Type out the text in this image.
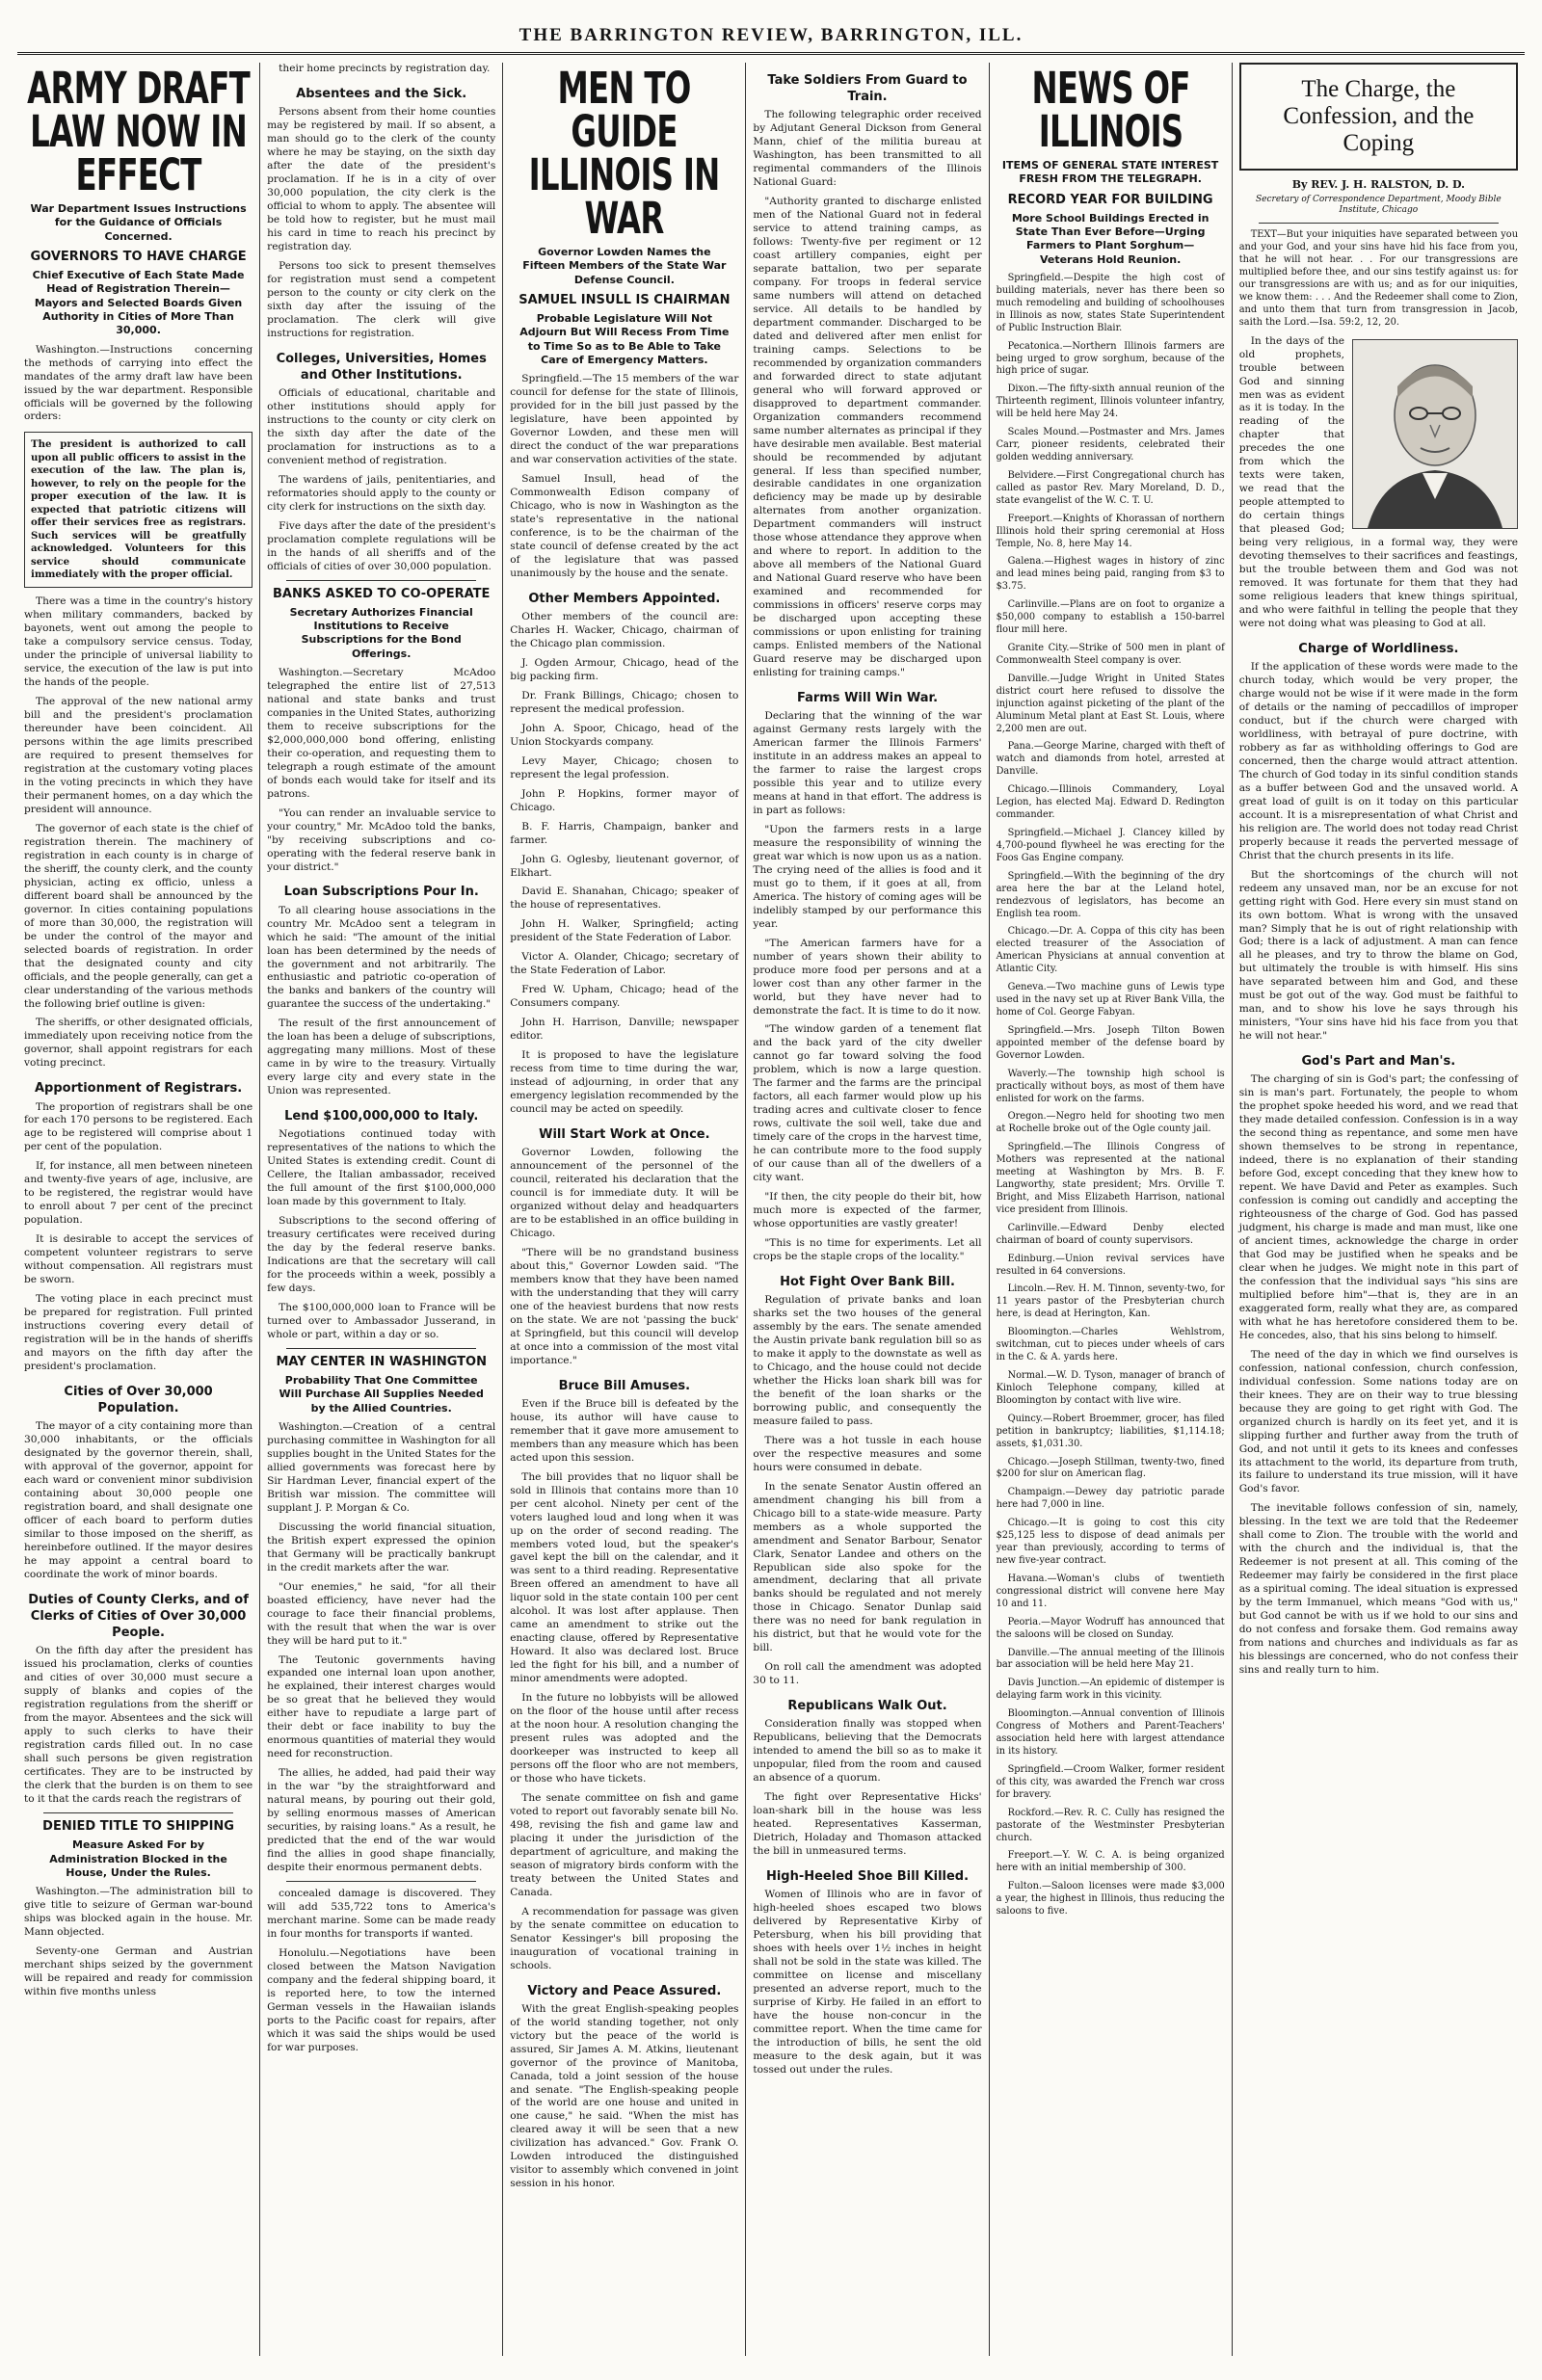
THE BARRINGTON REVIEW, BARRINGTON, ILL.
ARMY DRAFT LAW NOW IN EFFECT
War Department Issues Instructions for the Guidance of Officials Concerned.
GOVERNORS TO HAVE CHARGE
Chief Executive of Each State Made Head of Registration Therein—Mayors and Selected Boards Given Authority in Cities of More Than 30,000.

Washington.—Instructions concerning the methods of carrying into effect the mandates of the army draft law have been issued by the war department. Responsible officials will be governed by the following orders:

The president is authorized to call upon all public officers to assist in the execution of the law. The plan is, however, to rely on the people for the proper execution of the law. It is expected that patriotic citizens will offer their services free as registrars. Such services will be greatfully acknowledged. Volunteers for this service should communicate immediately with the proper official.

There was a time in the country's history when military commanders, backed by bayonets, went out among the people to take a compulsory service census. Today, under the principle of universal liability to service, the execution of the law is put into the hands of the people.

The approval of the new national army bill and the president's proclamation thereunder have been coincident. All persons within the age limits prescribed are required to present themselves for registration at the customary voting places in the voting precincts in which they have their permanent homes, on a day which the president will announce.

The governor of each state is the chief of registration therein. The machinery of registration in each county is in charge of the sheriff, the county clerk, and the county physician, acting ex officio, unless a different board shall be announced by the governor. In cities containing populations of more than 30,000, the registration will be under the control of the mayor and selected boards of registration. In order that the designated county and city officials, and the people generally, can get a clear understanding of the various methods the following brief outline is given:

The sheriffs, or other designated officials, immediately upon receiving notice from the governor, shall appoint registrars for each voting precinct.

Apportionment of Registrars.

The proportion of registrars shall be one for each 170 persons to be registered. Each age to be registered will comprise about 1 per cent of the population.

If, for instance, all men between nineteen and twenty-five years of age, inclusive, are to be registered, the registrar would have to enroll about 7 per cent of the precinct population.

It is desirable to accept the services of competent volunteer registrars to serve without compensation. All registrars must be sworn.

The voting place in each precinct must be prepared for registration. Full printed instructions covering every detail of registration will be in the hands of sheriffs and mayors on the fifth day after the president's proclamation.

Cities of Over 30,000 Population.

The mayor of a city containing more than 30,000 inhabitants, or the officials designated by the governor therein, shall, with approval of the governor, appoint for each ward or convenient minor subdivision containing about 30,000 people one registration board, and shall designate one officer of each board to perform duties similar to those imposed on the sheriff, as hereinbefore outlined. If the mayor desires he may appoint a central board to coordinate the work of minor boards.

Duties of County Clerks, and of Clerks of Cities of Over 30,000 People.

On the fifth day after the president has issued his proclamation, clerks of counties and cities of over 30,000 must secure a supply of blanks and copies of the registration regulations from the sheriff or from the mayor. Absentees and the sick will apply to such clerks to have their registration cards filled out. In no case shall such persons be given registration certificates. They are to be instructed by the clerk that the burden is on them to see to it that the cards reach the registrars of

DENIED TITLE TO SHIPPING
Measure Asked For by Administration Blocked in the House, Under the Rules.

Washington.—The administration bill to give title to seizure of German war-bound ships was blocked again in the house. Mr. Mann objected.

Seventy-one German and Austrian merchant ships seized by the government will be repaired and ready for commission within five months unless

their home precincts by registration day.

Absentees and the Sick.

Persons absent from their home counties may be registered by mail. If so absent, a man should go to the clerk of the county where he may be staying, on the sixth day after the date of the president's proclamation. If he is in a city of over 30,000 population, the city clerk is the official to whom to apply. The absentee will be told how to register, but he must mail his card in time to reach his precinct by registration day.

Persons too sick to present themselves for registration must send a competent person to the county or city clerk on the sixth day after the issuing of the proclamation. The clerk will give instructions for registration.

Colleges, Universities, Homes and Other Institutions.

Officials of educational, charitable and other institutions should apply for instructions to the county or city clerk on the sixth day after the date of the proclamation for instructions as to a convenient method of registration.

The wardens of jails, penitentiaries, and reformatories should apply to the county or city clerk for instructions on the sixth day.

Five days after the date of the president's proclamation complete regulations will be in the hands of all sheriffs and of the officials of cities of over 30,000 population.

BANKS ASKED TO CO-OPERATE
Secretary Authorizes Financial Institutions to Receive Subscriptions for the Bond Offerings.

Washington.—Secretary McAdoo telegraphed the entire list of 27,513 national and state banks and trust companies in the United States, authorizing them to receive subscriptions for the $2,000,000,000 bond offering, enlisting their co-operation, and requesting them to telegraph a rough estimate of the amount of bonds each would take for itself and its patrons.

"You can render an invaluable service to your country," Mr. McAdoo told the banks, "by receiving subscriptions and co-operating with the federal reserve bank in your district."

Loan Subscriptions Pour In.

To all clearing house associations in the country Mr. McAdoo sent a telegram in which he said: "The amount of the initial loan has been determined by the needs of the government and not arbitrarily. The enthusiastic and patriotic co-operation of the banks and bankers of the country will guarantee the success of the undertaking."

The result of the first announcement of the loan has been a deluge of subscriptions, aggregating many millions. Most of these came in by wire to the treasury. Virtually every large city and every state in the Union was represented.

Lend $100,000,000 to Italy.

Negotiations continued today with representatives of the nations to which the United States is extending credit. Count di Cellere, the Italian ambassador, received the full amount of the first $100,000,000 loan made by this government to Italy.

Subscriptions to the second offering of treasury certificates were received during the day by the federal reserve banks. Indications are that the secretary will call for the proceeds within a week, possibly a few days.

The $100,000,000 loan to France will be turned over to Ambassador Jusserand, in whole or part, within a day or so.

MAY CENTER IN WASHINGTON
Probability That One Committee Will Purchase All Supplies Needed by the Allied Countries.

Washington.—Creation of a central purchasing committee in Washington for all supplies bought in the United States for the allied governments was forecast here by Sir Hardman Lever, financial expert of the British war mission. The committee will supplant J. P. Morgan & Co.

Discussing the world financial situation, the British expert expressed the opinion that Germany will be practically bankrupt in the credit markets after the war.

"Our enemies," he said, "for all their boasted efficiency, have never had the courage to face their financial problems, with the result that when the war is over they will be hard put to it."

The Teutonic governments having expanded one internal loan upon another, he explained, their interest charges would be so great that he believed they would either have to repudiate a large part of their debt or face inability to buy the enormous quantities of material they would need for reconstruction.

The allies, he added, had paid their way in the war "by the straightforward and natural means, by pouring out their gold, by selling enormous masses of American securities, by raising loans." As a result, he predicted that the end of the war would find the allies in good shape financially, despite their enormous permanent debts.

concealed damage is discovered. They will add 535,722 tons to America's merchant marine. Some can be made ready in four months for transports if wanted.

Honolulu.—Negotiations have been closed between the Matson Navigation company and the federal shipping board, it is reported here, to tow the interned German vessels in the Hawaiian islands ports to the Pacific coast for repairs, after which it was said the ships would be used for war purposes.

MEN TO GUIDE ILLINOIS IN WAR
Governor Lowden Names the Fifteen Members of the State War Defense Council.
SAMUEL INSULL IS CHAIRMAN
Probable Legislature Will Not Adjourn But Will Recess From Time to Time So as to Be Able to Take Care of Emergency Matters.

Springfield.—The 15 members of the war council for defense for the state of Illinois, provided for in the bill just passed by the legislature, have been appointed by Governor Lowden, and these men will direct the conduct of the war preparations and war conservation activities of the state.

Samuel Insull, head of the Commonwealth Edison company of Chicago, who is now in Washington as the state's representative in the national conference, is to be the chairman of the state council of defense created by the act of the legislature that was passed unanimously by the house and the senate.

Other Members Appointed.

Other members of the council are: Charles H. Wacker, Chicago, chairman of the Chicago plan commission.

J. Ogden Armour, Chicago, head of the big packing firm.

Dr. Frank Billings, Chicago; chosen to represent the medical profession.

John A. Spoor, Chicago, head of the Union Stockyards company.

Levy Mayer, Chicago; chosen to represent the legal profession.

John P. Hopkins, former mayor of Chicago.

B. F. Harris, Champaign, banker and farmer.

John G. Oglesby, lieutenant governor, of Elkhart.

David E. Shanahan, Chicago; speaker of the house of representatives.

John H. Walker, Springfield; acting president of the State Federation of Labor.

Victor A. Olander, Chicago; secretary of the State Federation of Labor.

Fred W. Upham, Chicago; head of the Consumers company.

John H. Harrison, Danville; newspaper editor.

It is proposed to have the legislature recess from time to time during the war, instead of adjourning, in order that any emergency legislation recommended by the council may be acted on speedily.

Will Start Work at Once.

Governor Lowden, following the announcement of the personnel of the council, reiterated his declaration that the council is for immediate duty. It will be organized without delay and headquarters are to be established in an office building in Chicago.

"There will be no grandstand business about this," Governor Lowden said. "The members know that they have been named with the understanding that they will carry one of the heaviest burdens that now rests on the state. We are not 'passing the buck' at Springfield, but this council will develop at once into a commission of the most vital importance."

Bruce Bill Amuses.

Even if the Bruce bill is defeated by the house, its author will have cause to remember that it gave more amusement to members than any measure which has been acted upon this session.

The bill provides that no liquor shall be sold in Illinois that contains more than 10 per cent alcohol. Ninety per cent of the voters laughed loud and long when it was up on the order of second reading. The members voted loud, but the speaker's gavel kept the bill on the calendar, and it was sent to a third reading. Representative Breen offered an amendment to have all liquor sold in the state contain 100 per cent alcohol. It was lost after applause. Then came an amendment to strike out the enacting clause, offered by Representative Howard. It also was declared lost. Bruce led the fight for his bill, and a number of minor amendments were adopted.

In the future no lobbyists will be allowed on the floor of the house until after recess at the noon hour. A resolution changing the present rules was adopted and the doorkeeper was instructed to keep all persons off the floor who are not members, or those who have tickets.

The senate committee on fish and game voted to report out favorably senate bill No. 498, revising the fish and game law and placing it under the jurisdiction of the department of agriculture, and making the season of migratory birds conform with the treaty between the United States and Canada.

A recommendation for passage was given by the senate committee on education to Senator Kessinger's bill proposing the inauguration of vocational training in schools.

Victory and Peace Assured.

With the great English-speaking peoples of the world standing together, not only victory but the peace of the world is assured, Sir James A. M. Atkins, lieutenant governor of the province of Manitoba, Canada, told a joint session of the house and senate. "The English-speaking people of the world are one house and united in one cause," he said. "When the mist has cleared away it will be seen that a new civilization has advanced." Gov. Frank O. Lowden introduced the distinguished visitor to assembly which convened in joint session in his honor.

Take Soldiers From Guard to Train.

The following telegraphic order received by Adjutant General Dickson from General Mann, chief of the militia bureau at Washington, has been transmitted to all regimental commanders of the Illinois National Guard:

"Authority granted to discharge enlisted men of the National Guard not in federal service to attend training camps, as follows: Twenty-five per regiment or 12 coast artillery companies, eight per separate battalion, two per separate company. For troops in federal service same numbers will attend on detached service. All details to be handled by department commander. Discharged to be dated and delivered after men enlist for training camps. Selections to be recommended by organization commanders and forwarded direct to state adjutant general who will forward approved or disapproved to department commander. Organization commanders recommend same number alternates as principal if they have desirable men available. Best material should be recommended by adjutant general. If less than specified number, desirable candidates in one organization deficiency may be made up by desirable alternates from another organization. Department commanders will instruct those whose attendance they approve when and where to report. In addition to the above all members of the National Guard and National Guard reserve who have been examined and recommended for commissions in officers' reserve corps may be discharged upon accepting these commissions or upon enlisting for training camps. Enlisted members of the National Guard reserve may be discharged upon enlisting for training camps."

Farms Will Win War.

Declaring that the winning of the war against Germany rests largely with the American farmer the Illinois Farmers' institute in an address makes an appeal to the farmer to raise the largest crops possible this year and to utilize every means at hand in that effort. The address is in part as follows:

"Upon the farmers rests in a large measure the responsibility of winning the great war which is now upon us as a nation. The crying need of the allies is food and it must go to them, if it goes at all, from America. The history of coming ages will be indelibly stamped by our performance this year.

"The American farmers have for a number of years shown their ability to produce more food per persons and at a lower cost than any other farmer in the world, but they have never had to demonstrate the fact. It is time to do it now.

"The window garden of a tenement flat and the back yard of the city dweller cannot go far toward solving the food problem, which is now a large question. The farmer and the farms are the principal factors, all each farmer would plow up his trading acres and cultivate closer to fence rows, cultivate the soil well, take due and timely care of the crops in the harvest time, he can contribute more to the food supply of our cause than all of the dwellers of a city want.

"If then, the city people do their bit, how much more is expected of the farmer, whose opportunities are vastly greater!

"This is no time for experiments. Let all crops be the staple crops of the locality."

Hot Fight Over Bank Bill.

Regulation of private banks and loan sharks set the two houses of the general assembly by the ears. The senate amended the Austin private bank regulation bill so as to make it apply to the downstate as well as to Chicago, and the house could not decide whether the Hicks loan shark bill was for the benefit of the loan sharks or the borrowing public, and consequently the measure failed to pass.

There was a hot tussle in each house over the respective measures and some hours were consumed in debate.

In the senate Senator Austin offered an amendment changing his bill from a Chicago bill to a state-wide measure. Party members as a whole supported the amendment and Senator Barbour, Senator Clark, Senator Landee and others on the Republican side also spoke for the amendment, declaring that all private banks should be regulated and not merely those in Chicago. Senator Dunlap said there was no need for bank regulation in his district, but that he would vote for the bill.

On roll call the amendment was adopted 30 to 11.

Republicans Walk Out.

Consideration finally was stopped when Republicans, believing that the Democrats intended to amend the bill so as to make it unpopular, filed from the room and caused an absence of a quorum.

The fight over Representative Hicks' loan-shark bill in the house was less heated. Representatives Kasserman, Dietrich, Holaday and Thomason attacked the bill in unmeasured terms.

High-Heeled Shoe Bill Killed.

Women of Illinois who are in favor of high-heeled shoes escaped two blows delivered by Representative Kirby of Petersburg, when his bill providing that shoes with heels over 1½ inches in height shall not be sold in the state was killed. The committee on license and miscellany presented an adverse report, much to the surprise of Kirby. He failed in an effort to have the house non-concur in the committee report. When the time came for the introduction of bills, he sent the old measure to the desk again, but it was tossed out under the rules.

NEWS OF ILLINOIS
ITEMS OF GENERAL STATE INTEREST FRESH FROM THE TELEGRAPH.
RECORD YEAR FOR BUILDING
More School Buildings Erected in State Than Ever Before—Urging Farmers to Plant Sorghum—Veterans Hold Reunion.

Springfield.—Despite the high cost of building materials, never has there been so much remodeling and building of schoolhouses in Illinois as now, states State Superintendent of Public Instruction Blair.

Pecatonica.—Northern Illinois farmers are being urged to grow sorghum, because of the high price of sugar.

Dixon.—The fifty-sixth annual reunion of the Thirteenth regiment, Illinois volunteer infantry, will be held here May 24.

Scales Mound.—Postmaster and Mrs. James Carr, pioneer residents, celebrated their golden wedding anniversary.

Belvidere.—First Congregational church has called as pastor Rev. Mary Moreland, D. D., state evangelist of the W. C. T. U.

Freeport.—Knights of Khorassan of northern Illinois hold their spring ceremonial at Hoss Temple, No. 8, here May 14.

Galena.—Highest wages in history of zinc and lead mines being paid, ranging from $3 to $3.75.

Carlinville.—Plans are on foot to organize a $50,000 company to establish a 150-barrel flour mill here.

Granite City.—Strike of 500 men in plant of Commonwealth Steel company is over.

Danville.—Judge Wright in United States district court here refused to dissolve the injunction against picketing of the plant of the Aluminum Metal plant at East St. Louis, where 2,200 men are out.

Pana.—George Marine, charged with theft of watch and diamonds from hotel, arrested at Danville.

Chicago.—Illinois Commandery, Loyal Legion, has elected Maj. Edward D. Redington commander.

Springfield.—Michael J. Clancey killed by 4,700-pound flywheel he was erecting for the Foos Gas Engine company.

Springfield.—With the beginning of the dry area here the bar at the Leland hotel, rendezvous of legislators, has become an English tea room.

Chicago.—Dr. A. Coppa of this city has been elected treasurer of the Association of American Physicians at annual convention at Atlantic City.

Geneva.—Two machine guns of Lewis type used in the navy set up at River Bank Villa, the home of Col. George Fabyan.

Springfield.—Mrs. Joseph Tilton Bowen appointed member of the defense board by Governor Lowden.

Waverly.—The township high school is practically without boys, as most of them have enlisted for work on the farms.

Oregon.—Negro held for shooting two men at Rochelle broke out of the Ogle county jail.

Springfield.—The Illinois Congress of Mothers was represented at the national meeting at Washington by Mrs. B. F. Langworthy, state president; Mrs. Orville T. Bright, and Miss Elizabeth Harrison, national vice president from Illinois.

Carlinville.—Edward Denby elected chairman of board of county supervisors.

Edinburg.—Union revival services have resulted in 64 conversions.

Lincoln.—Rev. H. M. Tinnon, seventy-two, for 11 years pastor of the Presbyterian church here, is dead at Herington, Kan.

Bloomington.—Charles Wehlstrom, switchman, cut to pieces under wheels of cars in the C. & A. yards here.

Normal.—W. D. Tyson, manager of branch of Kinloch Telephone company, killed at Bloomington by contact with live wire.

Quincy.—Robert Broemmer, grocer, has filed petition in bankruptcy; liabilities, $1,114.18; assets, $1,031.30.

Chicago.—Joseph Stillman, twenty-two, fined $200 for slur on American flag.

Champaign.—Dewey day patriotic parade here had 7,000 in line.

Chicago.—It is going to cost this city $25,125 less to dispose of dead animals per year than previously, according to terms of new five-year contract.

Havana.—Woman's clubs of twentieth congressional district will convene here May 10 and 11.

Peoria.—Mayor Wodruff has announced that the saloons will be closed on Sunday.

Danville.—The annual meeting of the Illinois bar association will be held here May 21.

Davis Junction.—An epidemic of distemper is delaying farm work in this vicinity.

Bloomington.—Annual convention of Illinois Congress of Mothers and Parent-Teachers' association held here with largest attendance in its history.

Springfield.—Croom Walker, former resident of this city, was awarded the French war cross for bravery.

Rockford.—Rev. R. C. Cully has resigned the pastorate of the Westminster Presbyterian church.

Freeport.—Y. W. C. A. is being organized here with an initial membership of 300.

Fulton.—Saloon licenses were made $3,000 a year, the highest in Illinois, thus reducing the saloons to five.

The Charge, the Confession, and the Coping
By REV. J. H. RALSTON, D. D.
Secretary of Correspondence Department, Moody Bible Institute, Chicago

TEXT—But your iniquities have separated between you and your God, and your sins have hid his face from you, that he will not hear. . . For our transgressions are multiplied before thee, and our sins testify against us: for our transgressions are with us; and as for our iniquities, we know them: . . . And the Redeemer shall come to Zion, and unto them that turn from transgression in Jacob, saith the Lord.—Isa. 59:2, 12, 20.

In the days of the old prophets, trouble between God and sinning men was as evident as it is today. In the reading of the chapter that precedes the one from which the texts were taken, we read that the people attempted to do certain things that pleased God; being very religious, in a formal way, they were devoting themselves to their sacrifices and feastings, but the trouble between them and God was not removed. It was fortunate for them that they had some religious leaders that knew things spiritual, and who were faithful in telling the people that they were not doing what was pleasing to God at all.

Charge of Worldliness.

If the application of these words were made to the church today, which would be very proper, the charge would not be wise if it were made in the form of details or the naming of peccadillos of improper conduct, but if the church were charged with worldliness, with betrayal of pure doctrine, with robbery as far as withholding offerings to God are concerned, then the charge would attract attention. The church of God today in its sinful condition stands as a buffer between God and the unsaved world. A great load of guilt is on it today on this particular account. It is a misrepresentation of what Christ and his religion are. The world does not today read Christ properly because it reads the perverted message of Christ that the church presents in its life.

But the shortcomings of the church will not redeem any unsaved man, nor be an excuse for not getting right with God. Here every sin must stand on its own bottom. What is wrong with the unsaved man? Simply that he is out of right relationship with God; there is a lack of adjustment. A man can fence all he pleases, and try to throw the blame on God, but ultimately the trouble is with himself. His sins have separated between him and God, and these must be got out of the way. God must be faithful to man, and to show his love he says through his ministers, "Your sins have hid his face from you that he will not hear."

God's Part and Man's.

The charging of sin is God's part; the confessing of sin is man's part. Fortunately, the people to whom the prophet spoke heeded his word, and we read that they made detailed confession. Confession is in a way the second thing as repentance, and some men have shown themselves to be strong in repentance, indeed, there is no explanation of their standing before God, except conceding that they knew how to repent. We have David and Peter as examples. Such confession is coming out candidly and accepting the righteousness of the charge of God. God has passed judgment, his charge is made and man must, like one of ancient times, acknowledge the charge in order that God may be justified when he speaks and be clear when he judges. We might note in this part of the confession that the individual says "his sins are multiplied before him"—that is, they are in an exaggerated form, really what they are, as compared with what he has heretofore considered them to be. He concedes, also, that his sins belong to himself.

The need of the day in which we find ourselves is confession, national confession, church confession, individual confession. Some nations today are on their knees. They are on their way to true blessing because they are going to get right with God. The organized church is hardly on its feet yet, and it is slipping further and further away from the truth of God, and not until it gets to its knees and confesses its attachment to the world, its departure from truth, its failure to understand its true mission, will it have God's favor.

The inevitable follows confession of sin, namely, blessing. In the text we are told that the Redeemer shall come to Zion. The trouble with the world and with the church and the individual is, that the Redeemer is not present at all. This coming of the Redeemer may fairly be considered in the first place as a spiritual coming. The ideal situation is expressed by the term Immanuel, which means "God with us," but God cannot be with us if we hold to our sins and do not confess and forsake them. God remains away from nations and churches and individuals as far as his blessings are concerned, who do not confess their sins and really turn to him.
